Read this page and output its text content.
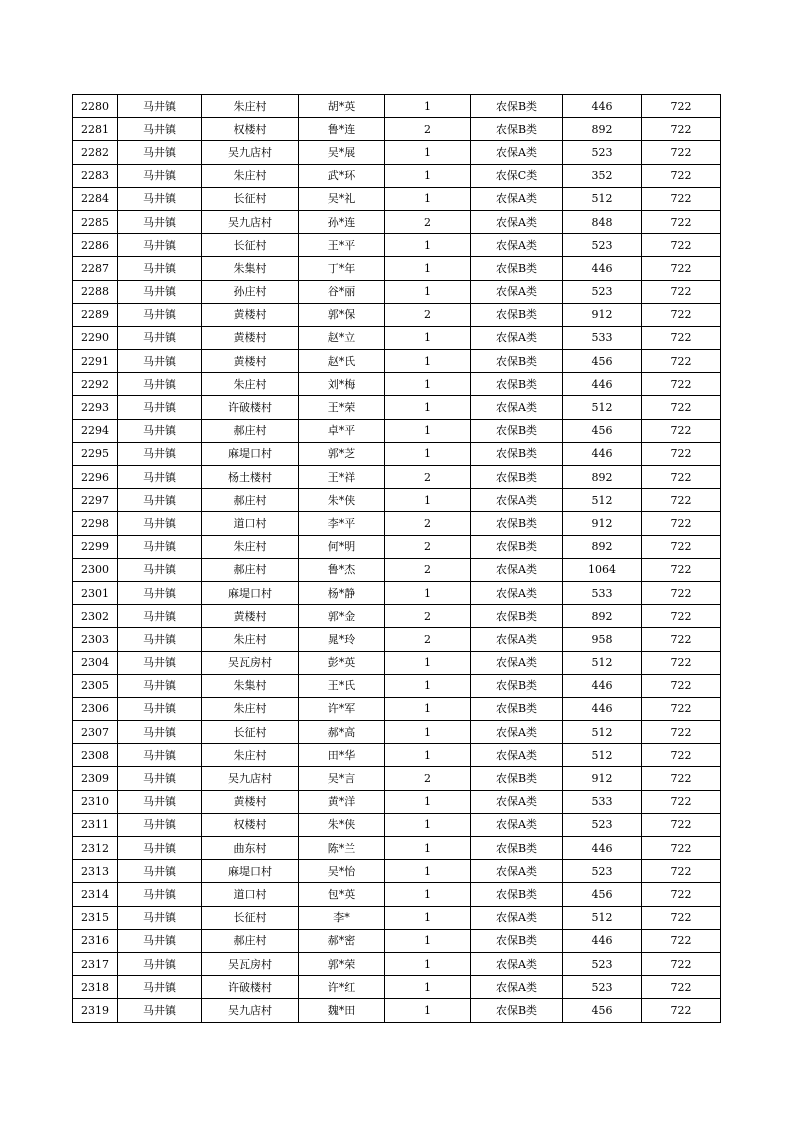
2280	马井镇	朱庄村	胡*英	1	农保B类	446	722
2281	马井镇	权楼村	鲁*连	2	农保B类	892	722
2282	马井镇	吴九店村	吴*展	1	农保A类	523	722
2283	马井镇	朱庄村	武*环	1	农保C类	352	722
2284	马井镇	长征村	吴*礼	1	农保A类	512	722
2285	马井镇	吴九店村	孙*连	2	农保A类	848	722
2286	马井镇	长征村	王*平	1	农保A类	523	722
2287	马井镇	朱集村	丁*年	1	农保B类	446	722
2288	马井镇	孙庄村	谷*丽	1	农保A类	523	722
2289	马井镇	黄楼村	郭*保	2	农保B类	912	722
2290	马井镇	黄楼村	赵*立	1	农保A类	533	722
2291	马井镇	黄楼村	赵*氏	1	农保B类	456	722
2292	马井镇	朱庄村	刘*梅	1	农保B类	446	722
2293	马井镇	许破楼村	王*荣	1	农保A类	512	722
2294	马井镇	郝庄村	卓*平	1	农保B类	456	722
2295	马井镇	麻堤口村	郭*芝	1	农保B类	446	722
2296	马井镇	杨土楼村	王*祥	2	农保B类	892	722
2297	马井镇	郝庄村	朱*侠	1	农保A类	512	722
2298	马井镇	道口村	李*平	2	农保B类	912	722
2299	马井镇	朱庄村	何*明	2	农保B类	892	722
2300	马井镇	郝庄村	鲁*杰	2	农保A类	1064	722
2301	马井镇	麻堤口村	杨*静	1	农保A类	533	722
2302	马井镇	黄楼村	郭*金	2	农保B类	892	722
2303	马井镇	朱庄村	晁*玲	2	农保A类	958	722
2304	马井镇	吴瓦房村	彭*英	1	农保A类	512	722
2305	马井镇	朱集村	王*氏	1	农保B类	446	722
2306	马井镇	朱庄村	许*军	1	农保B类	446	722
2307	马井镇	长征村	郝*高	1	农保A类	512	722
2308	马井镇	朱庄村	田*华	1	农保A类	512	722
2309	马井镇	吴九店村	吴*言	2	农保B类	912	722
2310	马井镇	黄楼村	黄*洋	1	农保A类	533	722
2311	马井镇	权楼村	朱*侠	1	农保A类	523	722
2312	马井镇	曲东村	陈*兰	1	农保B类	446	722
2313	马井镇	麻堤口村	吴*怡	1	农保A类	523	722
2314	马井镇	道口村	包*英	1	农保B类	456	722
2315	马井镇	长征村	李*	1	农保A类	512	722
2316	马井镇	郝庄村	郝*密	1	农保B类	446	722
2317	马井镇	吴瓦房村	郭*荣	1	农保A类	523	722
2318	马井镇	许破楼村	许*红	1	农保A类	523	722
2319	马井镇	吴九店村	魏*田	1	农保B类	456	722
